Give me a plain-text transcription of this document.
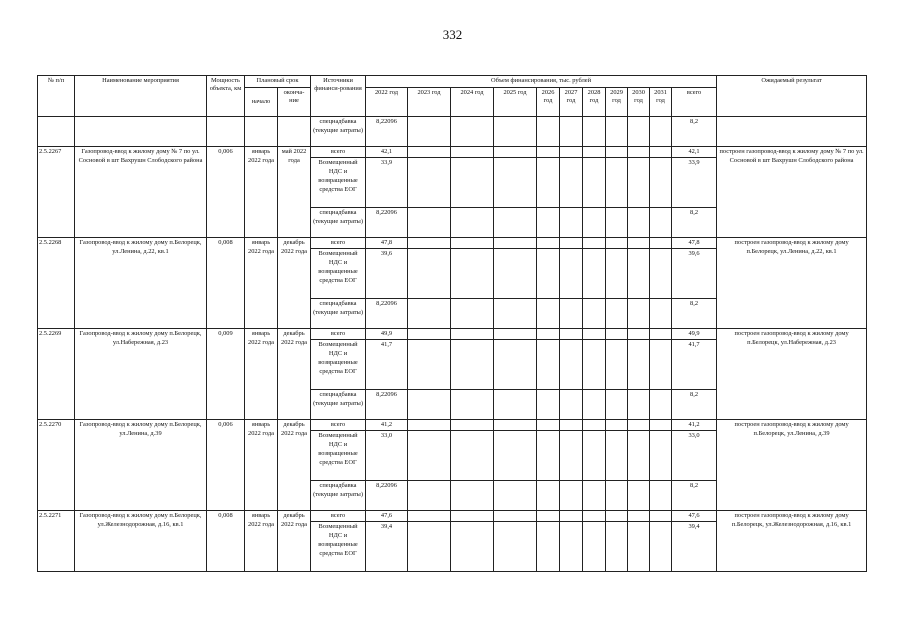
332
№ п/п	Наименование мероприятия	Мощность объекта, км	Плановый срок		Источники финанси-рования	Объем финансирования, тыс. рублей											Ожидаемый результат
			начало	оконча-ние		2022 год	2023 год	2024 год	2025 год	2026 год	2027 год	2028 год	2029 год	2030 год	2031 год	всего	
					спецнадбавка (текущие затраты)	8,22096										8,2	
2.5.2267	Газопровод-ввод к жилому дому № 7 по ул. Сосновой в шт Вахрушн Слободского района	0,006	январь 2022 года	май 2022 года	всего	42,1										42,1	построен газопровод-ввод к жилому дому № 7 по ул. Сосновой в шт Вахрушн Слободского района
					Возмещенный НДС и возвращенные средства ЕОГ	33,9										33,9	
					спецнадбавка (текущие затраты)	8,22096										8,2	
2.5.2268	Газопровод-ввод к жилому дому п.Белорецк, ул.Ленина, д.22, кв.1	0,008	январь 2022 года	декабрь 2022 года	всего	47,8										47,8	построен газопровод-ввод к жилому дому п.Белорецк, ул.Ленина, д.22, кв.1
					Возмещенный НДС и возвращенные средства ЕОГ	39,6										39,6	
					спецнадбавка (текущие затраты)	8,22096										8,2	
2.5.2269	Газопровод-ввод к жилому дому п.Белорецк, ул.Набережная, д.23	0,009	январь 2022 года	декабрь 2022 года	всего	49,9										49,9	построен газопровод-ввод к жилому дому п.Белорецк, ул.Набережная, д.23
					Возмещенный НДС и возвращенные средства ЕОГ	41,7										41,7	
					спецнадбавка (текущие затраты)	8,22096										8,2	
2.5.2270	Газопровод-ввод к жилому дому п.Белорецк, ул.Ленина, д.39	0,006	январь 2022 года	декабрь 2022 года	всего	41,2										41,2	построен газопровод-ввод к жилому дому п.Белорецк, ул.Ленина, д.39
					Возмещенный НДС и возвращенные средства ЕОГ	33,0										33,0	
					спецнадбавка (текущие затраты)	8,22096										8,2	
2.5.2271	Газопровод-ввод к жилому дому п.Белорецк, ул.Железнодорожная, д.16, кв.1	0,008	январь 2022 года	декабрь 2022 года	всего	47,6										47,6	построен газопровод-ввод к жилому дому п.Белорецк, ул.Железнодорожная, д.16, кв.1
					Возмещенный НДС и возвращенные средства ЕОГ	39,4										39,4	
